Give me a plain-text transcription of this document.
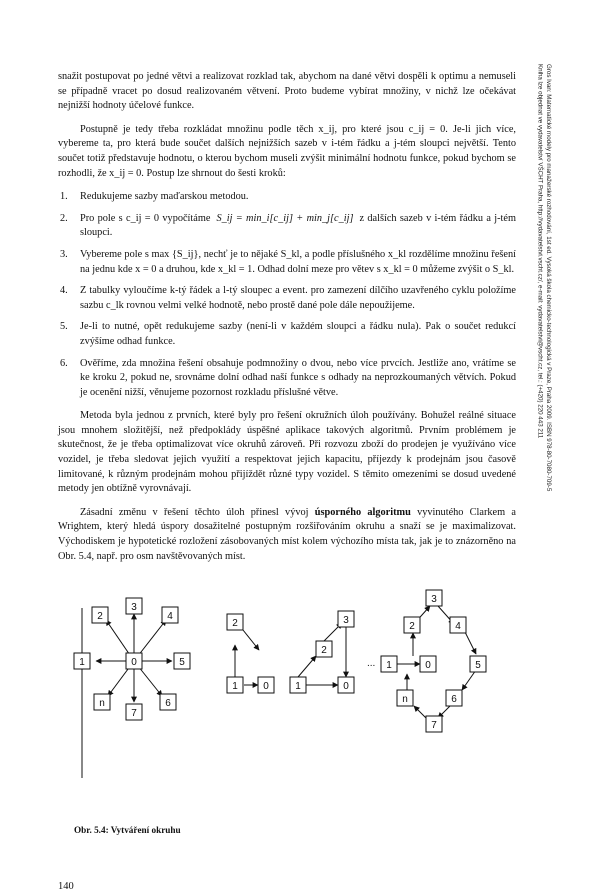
Gros Ivan: Matematické modely pro manažerské rozhodování, 1st ed. Vysoká škola chemicko-technologická v Praze, Praha 2009. ISBN 978-80-7080-709-5
Kniha lze objednat ve vydavatelství VŠCHT Praha, http://vydavatelstvi.vscht.cz/, e-mail: vydavatelstvi@vscht.cz, tel.: (+420) 220 443 211

snažit postupovat po jedné větvi a realizovat rozklad tak, abychom na dané větvi dospěli k optimu a nemuseli se případně vracet po dosud realizovaném větvení. Proto budeme vybírat množiny, v nichž lze očekávat nejnižší hodnoty účelové funkce.

Postupně je tedy třeba rozkládat množinu podle těch x_ij, pro které jsou c_ij = 0. Je-li jich více, vybereme ta, pro která bude součet dalších nejnižších sazeb v i-tém řádku a j-tém sloupci největší. Tento součet totiž představuje hodnotu, o kterou bychom museli zvýšit minimální hodnotu funkce, pokud bychom se rozhodli, že x_ij = 0. Postup lze shrnout do šesti kroků:

1. Redukujeme sazby maďarskou metodou.
2. Pro pole s c_ij = 0 vypočítáme S_ij = min_i[c_ij] + min_j[c_ij] z dalších sazeb v i-tém řádku a j-tém sloupci.
3. Vybereme pole s max {S_ij}, nechť je to nějaké S_kl, a podle příslušného x_kl rozdělíme množinu řešení na jednu kde x = 0 a druhou, kde x_kl = 1. Odhad dolní meze pro větev s x_kl = 0 můžeme zvýšit o S_kl.
4. Z tabulky vyloučíme k-tý řádek a l-tý sloupec a event. pro zamezení dílčího uzavřeného cyklu položíme sazbu c_lk rovnou velmi velké hodnotě, nebo prostě dané pole dále nepoužijeme.
5. Je-li to nutné, opět redukujeme sazby (není-li v každém sloupci a řádku nula). Pak o součet redukcí zvýšíme odhad funkce.
6. Ověříme, zda množina řešení obsahuje podmnožiny o dvou, nebo více prvcích. Jestliže ano, vrátíme se ke kroku 2, pokud ne, srovnáme dolní odhad naší funkce s odhady na neprozkoumaných větvích. Pokud je ocenění nižší, věnujeme pozornost rozkladu příslušné větve.

Metoda byla jednou z prvních, které byly pro řešení okružních úloh používány. Bohužel reálné situace jsou mnohem složitější, než předpoklády úspěšné aplikace takových algoritmů. Prvním problémem je skutečnost, že je třeba optimalizovat více okruhů zároveň. Při rozvozu zboží do prodejen je využíváno více vozidel, je třeba sledovat jejich využití a respektovat jejich kapacitu, příjezdy k prodejnám jsou časově limitované, k různým prodejnám mohou přijíždět různé typy vozidel. S těmito omezeními se dosud uvedené metody jen obtížně vyrovnávají.

Zásadní změnu v řešení těchto úloh přinesl vývoj úsporného algoritmu vyvinutého Clarkem a Wrightem, který hledá úspory dosažitelné postupným rozšiřováním okruhu a snaží se je maximalizovat. Východiskem je hypotetické rozložení zásobovaných míst kolem výchozího místa tak, jak je to znázorněno na Obr. 5.4, např. pro osm navštěvovaných míst.

0
1
2
3
4
5
6
7
n
2
1	0
3
2
1	0
...
3
2	4
1	0	5
n	6
7
Obr. 5.4: Vytváření okruhu
140
